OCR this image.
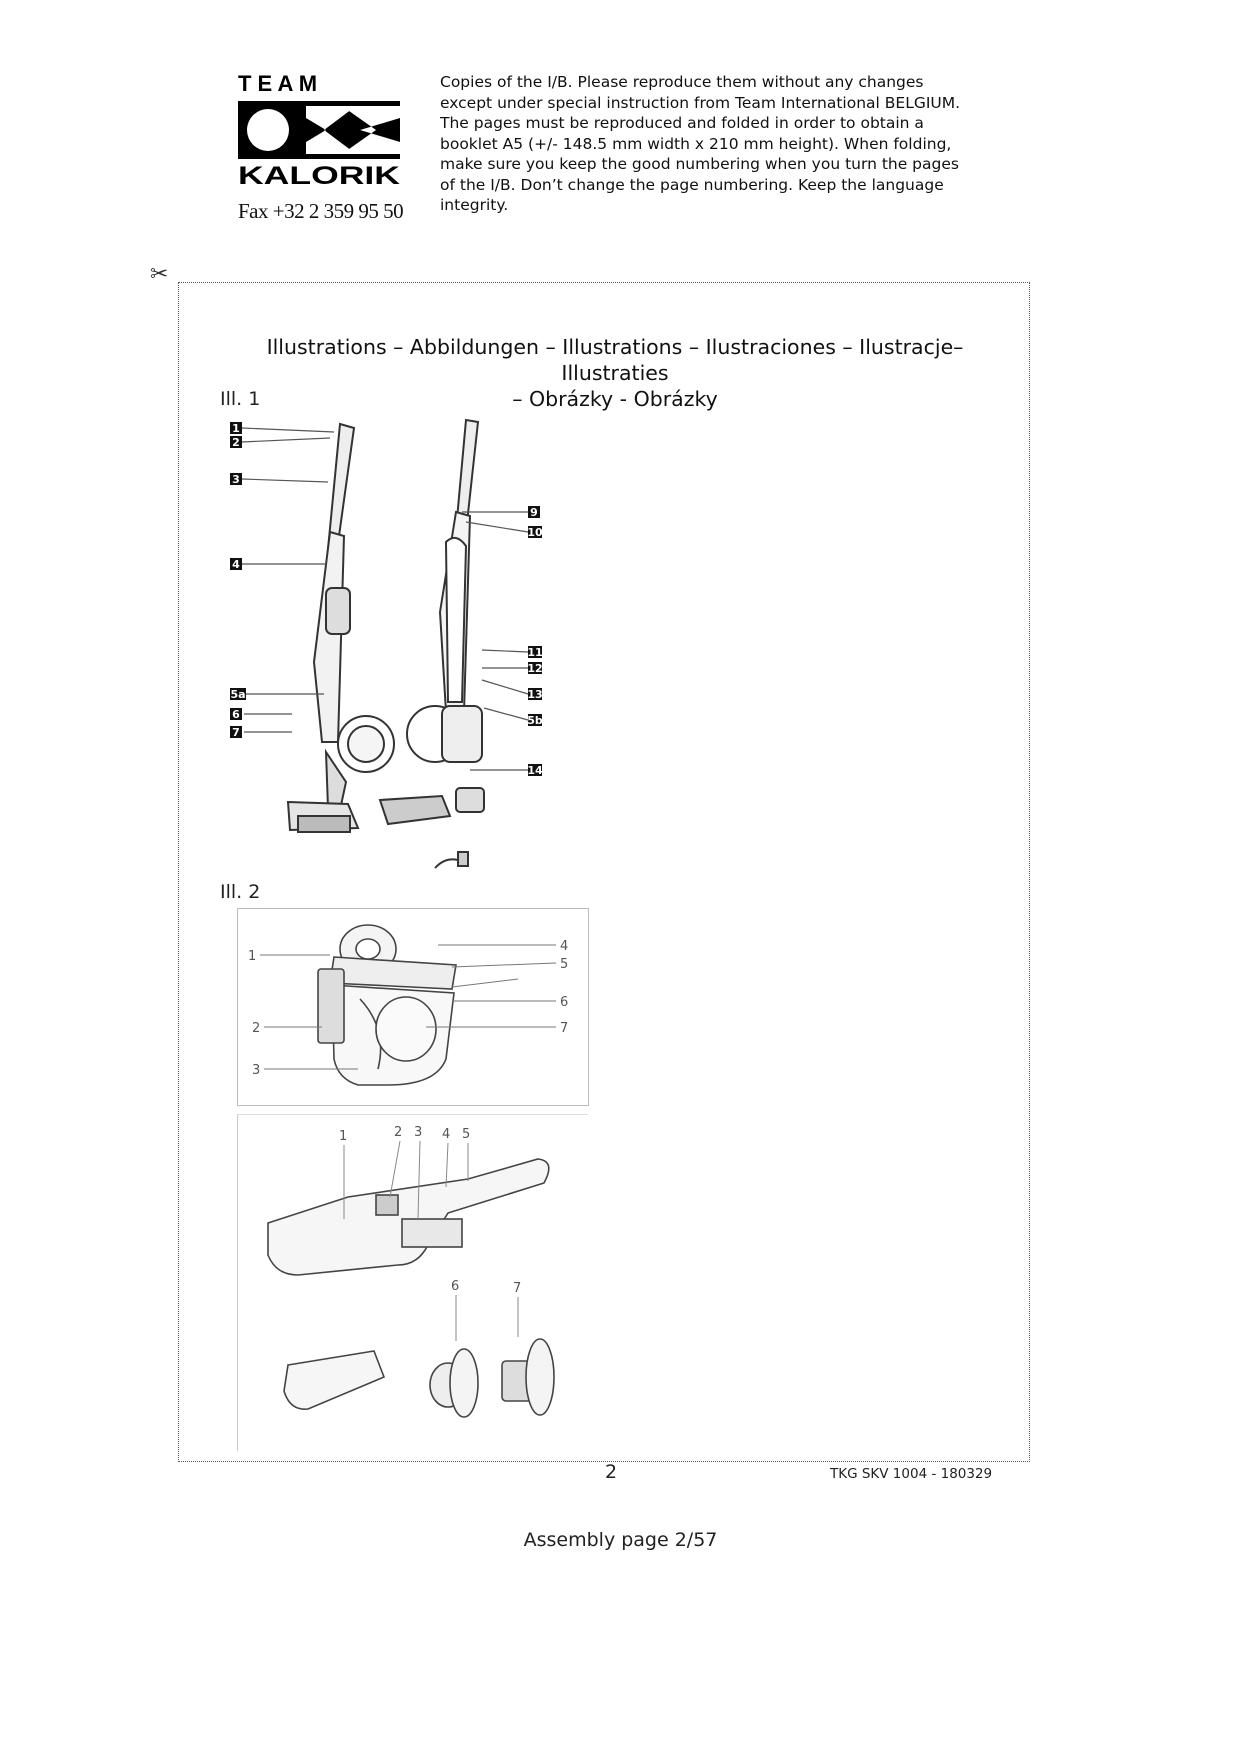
T E A M
KALORIK
Fax +32 2 359 95 50
Copies of the I/B. Please reproduce them without any changes
except under special instruction from Team International BELGIUM.
The pages must be reproduced and folded in order to obtain a
booklet A5 (+/- 148.5 mm width x 210 mm height). When folding,
make sure you keep the good numbering when you turn the pages
of the I/B. Don’t change the page numbering. Keep the language
integrity.
✂
Illustrations – Abbildungen – Illustrations – Ilustraciones – Ilustracje– Illustraties
– Obrázky - Obrázky
Ill. 1
1
2
3
4
5a
6
7
9
10
11
12
13
5b
14
Ill. 2
1
2
3
4
5
6
7
1	2 3 4 5
6	7
2	TKG SKV 1004 - 180329
Assembly page 2/57
